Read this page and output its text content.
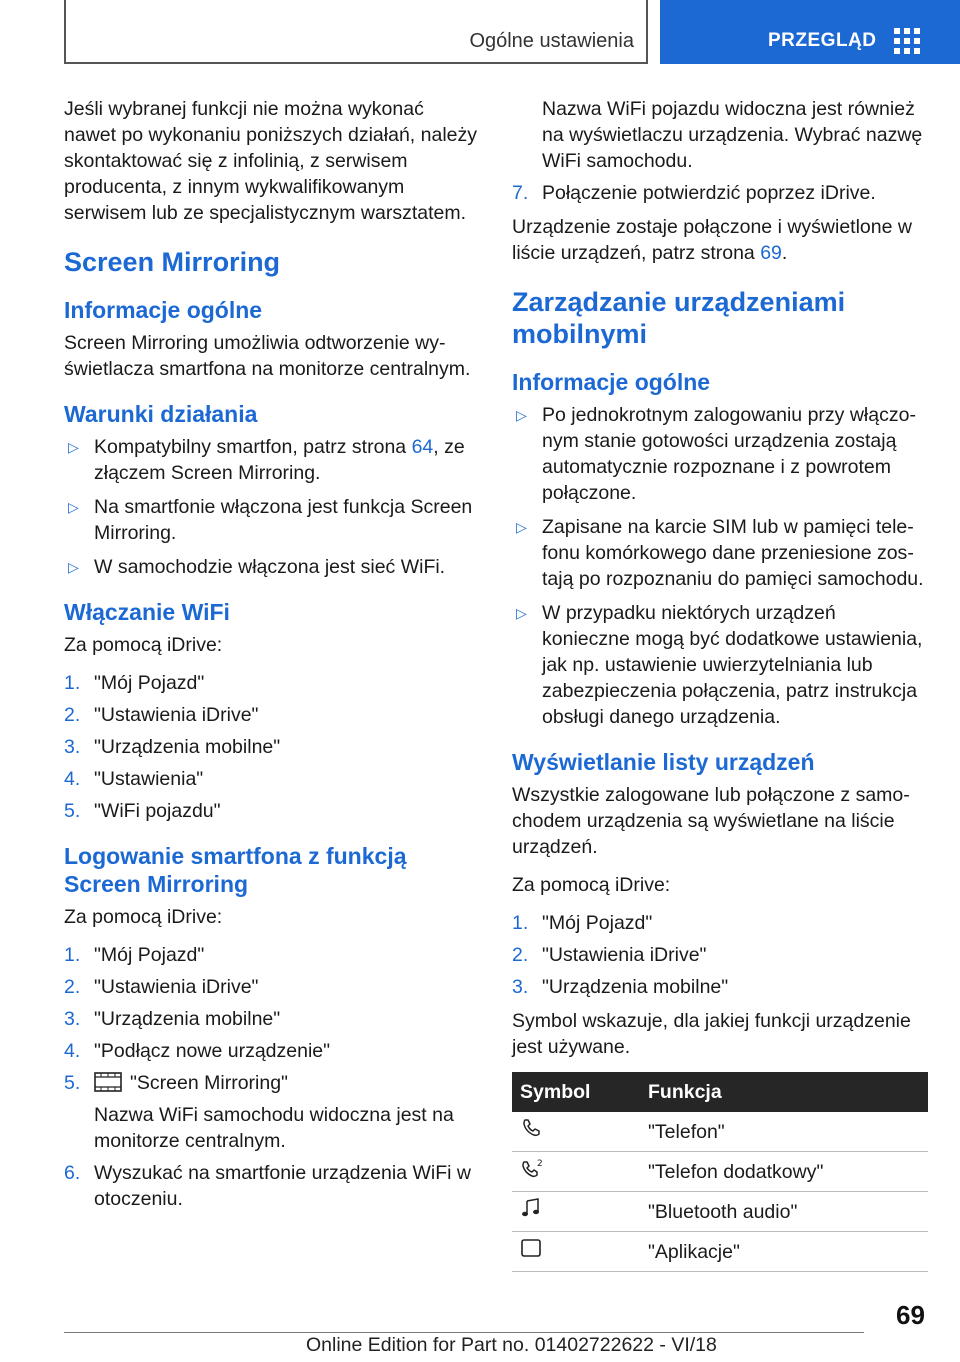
Ogólne ustawienia	PRZEGLĄD

Jeśli wybranej funkcji nie można wykonać nawet po wykonaniu poniższych działań, należy skontaktować się z infolinią, z serwisem producenta, z innym wykwalifikowanym serwisem lub ze specjalistycznym warsztatem.

Screen Mirroring
Informacje ogólne

Screen Mirroring umożliwia odtworzenie wyświetlacza smartfona na monitorze centralnym.

Warunki działania
▷ Kompatybilny smartfon, patrz strona 64, ze złączem Screen Mirroring.
▷ Na smartfonie włączona jest funkcja Screen Mirroring.
▷ W samochodzie włączona jest sieć WiFi.
Włączanie WiFi

Za pomocą iDrive:

1. "Mój Pojazd"
2. "Ustawienia iDrive"
3. "Urządzenia mobilne"
4. "Ustawienia"
5. "WiFi pojazdu"
Logowanie smartfona z funkcją Screen Mirroring

Za pomocą iDrive:

1. "Mój Pojazd"
2. "Ustawienia iDrive"
3. "Urządzenia mobilne"
4. "Podłącz nowe urządzenie"
5.	"Screen Mirroring"
Nazwa WiFi samochodu widoczna jest na monitorze centralnym.
6. Wyszukać na smartfonie urządzenia WiFi w otoczeniu.
Nazwa WiFi pojazdu widoczna jest również na wyświetlaczu urządzenia. Wybrać nazwę WiFi samochodu.
7. Połączenie potwierdzić poprzez iDrive.

Urządzenie zostaje połączone i wyświetlone w liście urządzeń, patrz strona 69.

Zarządzanie urządzeniami mobilnymi
Informacje ogólne
▷ Po jednokrotnym zalogowaniu przy włączonym stanie gotowości urządzenia zostają automatycznie rozpoznane i z powrotem połączone.
▷ Zapisane na karcie SIM lub w pamięci telefonu komórkowego dane przeniesione zostają po rozpoznaniu do pamięci samochodu.
▷ W przypadku niektórych urządzeń konieczne mogą być dodatkowe ustawienia, jak np. ustawienie uwierzytelniania lub zabezpieczenia połączenia, patrz instrukcja obsługi danego urządzenia.
Wyświetlanie listy urządzeń

Wszystkie zalogowane lub połączone z samochodem urządzenia są wyświetlane na liście urządzeń.

Za pomocą iDrive:

1. "Mój Pojazd"
2. "Ustawienia iDrive"
3. "Urządzenia mobilne"

Symbol wskazuje, dla jakiej funkcji urządzenie jest używane.

Symbol	Funkcja
	"Telefon"

2	"Telefon dodatkowy"
	"Bluetooth audio"
	"Aplikacje"
69
Online Edition for Part no. 01402722622 - VI/18
